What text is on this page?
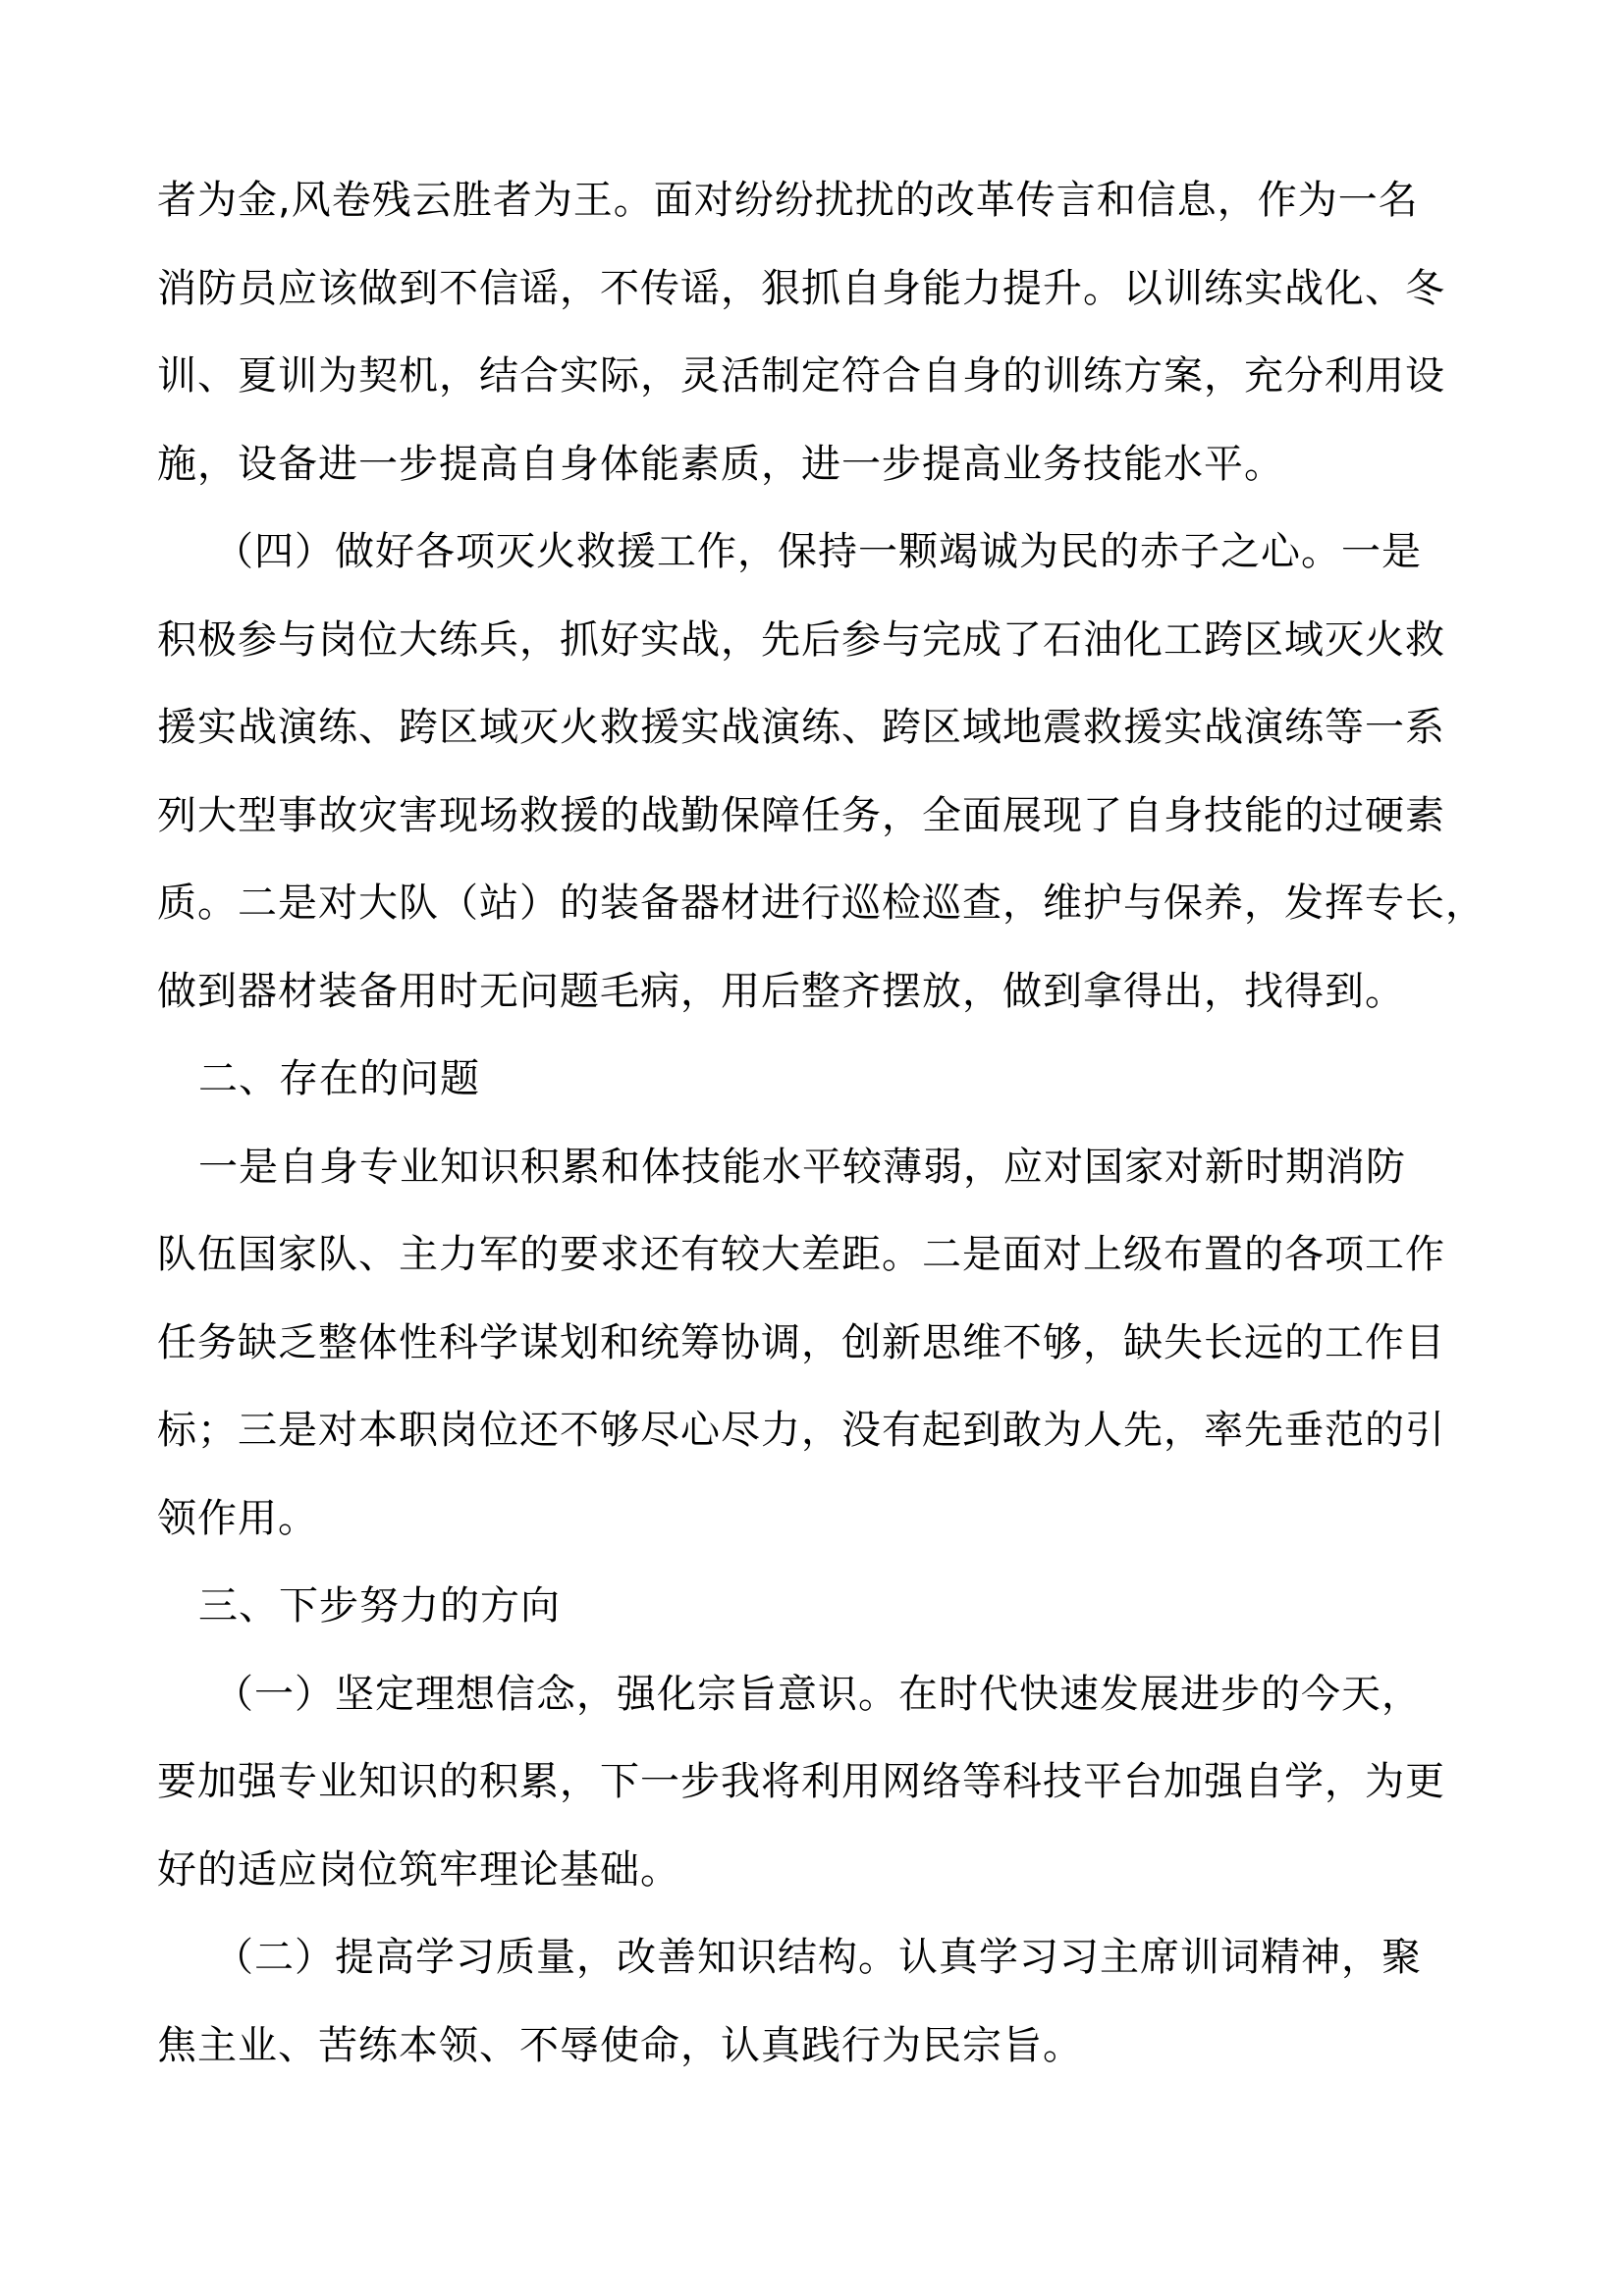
者为金,风卷残云胜者为王。面对纷纷扰扰的改革传言和信息，作为一名
消防员应该做到不信谣，不传谣，狠抓自身能力提升。以训练实战化、冬
训、夏训为契机，结合实际，灵活制定符合自身的训练方案，充分利用设
施，设备进一步提高自身体能素质，进一步提高业务技能水平。
（四）做好各项灭火救援工作，保持一颗竭诚为民的赤子之心。一是
积极参与岗位大练兵，抓好实战，先后参与完成了石油化工跨区域灭火救
援实战演练、跨区域灭火救援实战演练、跨区域地震救援实战演练等一系
列大型事故灾害现场救援的战勤保障任务，全面展现了自身技能的过硬素
质。二是对大队（站）的装备器材进行巡检巡查，维护与保养，发挥专长，
做到器材装备用时无问题毛病，用后整齐摆放，做到拿得出，找得到。
二、存在的问题
一是自身专业知识积累和体技能水平较薄弱，应对国家对新时期消防
队伍国家队、主力军的要求还有较大差距。二是面对上级布置的各项工作
任务缺乏整体性科学谋划和统筹协调，创新思维不够，缺失长远的工作目
标；三是对本职岗位还不够尽心尽力，没有起到敢为人先，率先垂范的引
领作用。
三、下步努力的方向
（一）坚定理想信念，强化宗旨意识。在时代快速发展进步的今天，
要加强专业知识的积累，下一步我将利用网络等科技平台加强自学，为更
好的适应岗位筑牢理论基础。
（二）提高学习质量，改善知识结构。认真学习习主席训词精神，聚
焦主业、苦练本领、不辱使命，认真践行为民宗旨。
